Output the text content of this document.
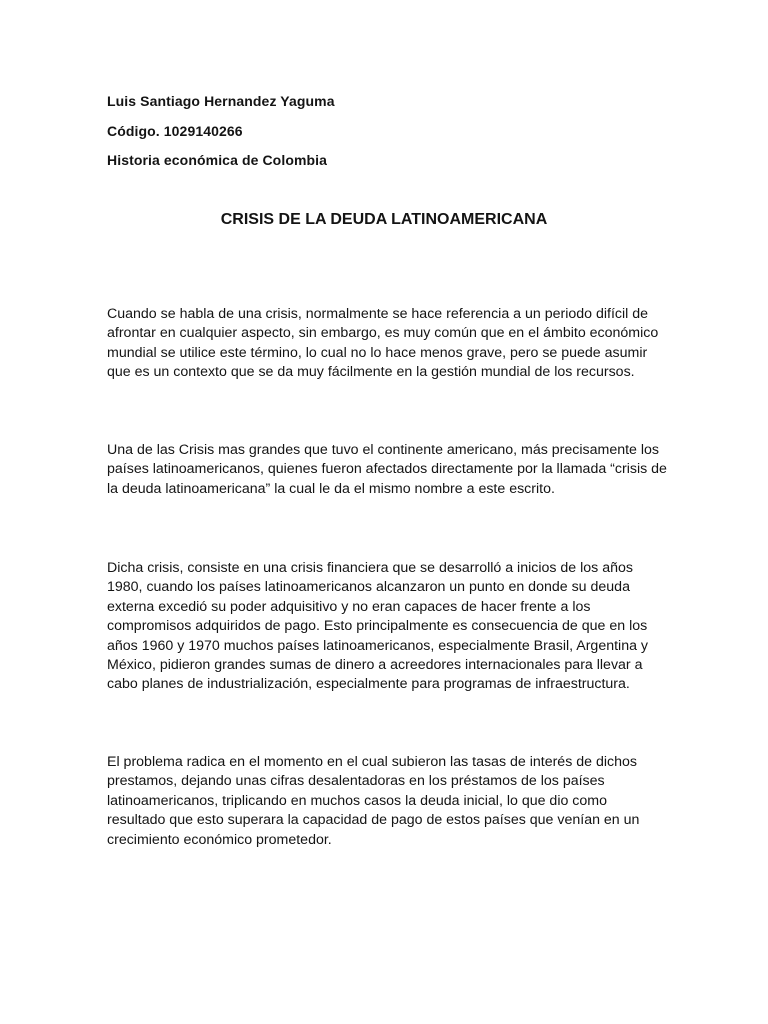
Luis Santiago Hernandez Yaguma
Código. 1029140266
Historia económica de Colombia
CRISIS DE LA DEUDA LATINOAMERICANA

Cuando se habla de una crisis, normalmente se hace referencia a un periodo difícil de afrontar en cualquier aspecto, sin embargo, es muy común que en el ámbito económico mundial se utilice este término, lo cual no lo hace menos grave, pero se puede asumir que es un contexto que se da muy fácilmente en la gestión mundial de los recursos.

Una de las Crisis mas grandes que tuvo el continente americano, más precisamente los países latinoamericanos, quienes fueron afectados directamente por la llamada “crisis de la deuda latinoamericana” la cual le da el mismo nombre a este escrito.

Dicha crisis, consiste en una crisis financiera que se desarrolló a inicios de los años 1980, cuando los países latinoamericanos alcanzaron un punto en donde su deuda externa excedió su poder adquisitivo y no eran capaces de hacer frente a los compromisos adquiridos de pago. Esto principalmente es consecuencia de que en los años 1960 y 1970 muchos países latinoamericanos, especialmente Brasil, Argentina y México, pidieron grandes sumas de dinero a acreedores internacionales para llevar a cabo planes de industrialización, especialmente para programas de infraestructura.

El problema radica en el momento en el cual subieron las tasas de interés de dichos prestamos, dejando unas cifras desalentadoras en los préstamos de los países latinoamericanos, triplicando en muchos casos la deuda inicial, lo que dio como resultado que esto superara la capacidad de pago de estos países que venían en un crecimiento económico prometedor.
